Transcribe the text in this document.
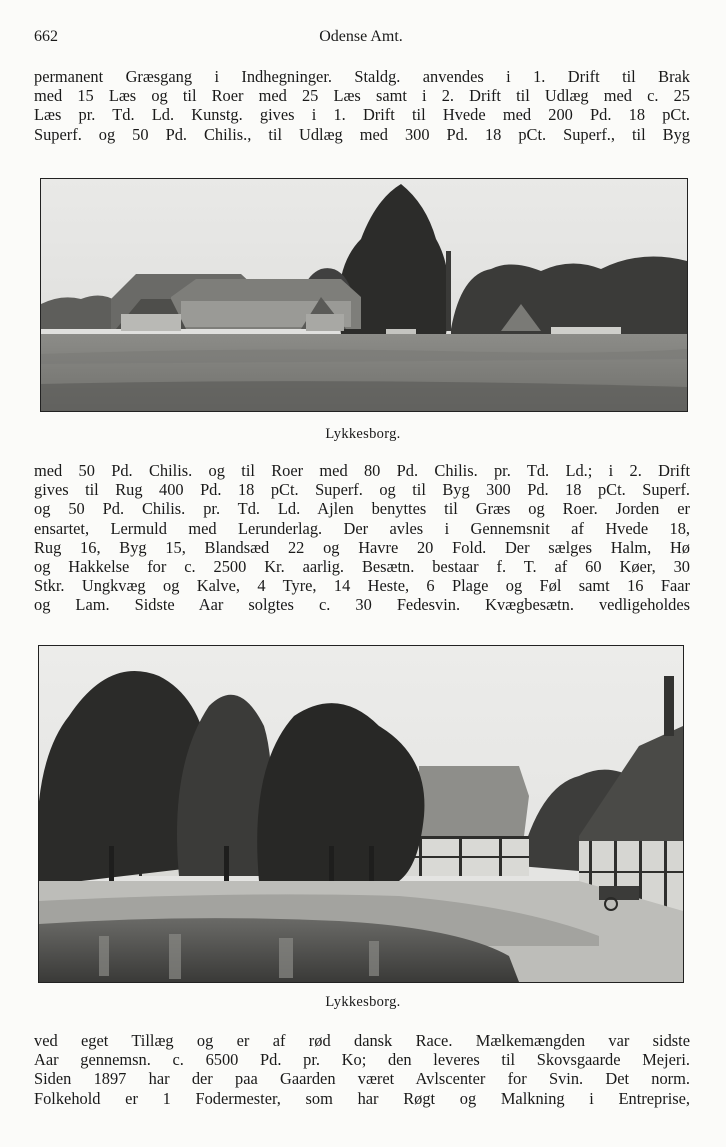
662	Odense Amt.
permanent Græsgang i Indhegninger. Staldg. anvendes i 1. Drift til Brak
med 15 Læs og til Roer med 25 Læs samt i 2. Drift til Udlæg med c. 25
Læs pr. Td. Ld. Kunstg. gives i 1. Drift til Hvede med 200 Pd. 18 pCt.
Superf. og 50 Pd. Chilis., til Udlæg med 300 Pd. 18 pCt. Superf., til Byg
Lykkesborg.
med 50 Pd. Chilis. og til Roer med 80 Pd. Chilis. pr. Td. Ld.; i 2. Drift
gives til Rug 400 Pd. 18 pCt. Superf. og til Byg 300 Pd. 18 pCt. Superf.
og 50 Pd. Chilis. pr. Td. Ld. Ajlen benyttes til Græs og Roer. Jorden er
ensartet, Lermuld med Lerunderlag. Der avles i Gennemsnit af Hvede 18,
Rug 16, Byg 15, Blandsæd 22 og Havre 20 Fold. Der sælges Halm, Hø
og Hakkelse for c. 2500 Kr. aarlig. Besætn. bestaar f. T. af 60 Køer, 30
Stkr. Ungkvæg og Kalve, 4 Tyre, 14 Heste, 6 Plage og Føl samt 16 Faar
og Lam. Sidste Aar solgtes c. 30 Fedesvin. Kvægbesætn. vedligeholdes
Lykkesborg.
ved eget Tillæg og er af rød dansk Race. Mælkemængden var sidste
Aar gennemsn. c. 6500 Pd. pr. Ko; den leveres til Skovsgaarde Mejeri.
Siden 1897 har der paa Gaarden været Avlscenter for Svin. Det norm.
Folkehold er 1 Fodermester, som har Røgt og Malkning i Entreprise,
